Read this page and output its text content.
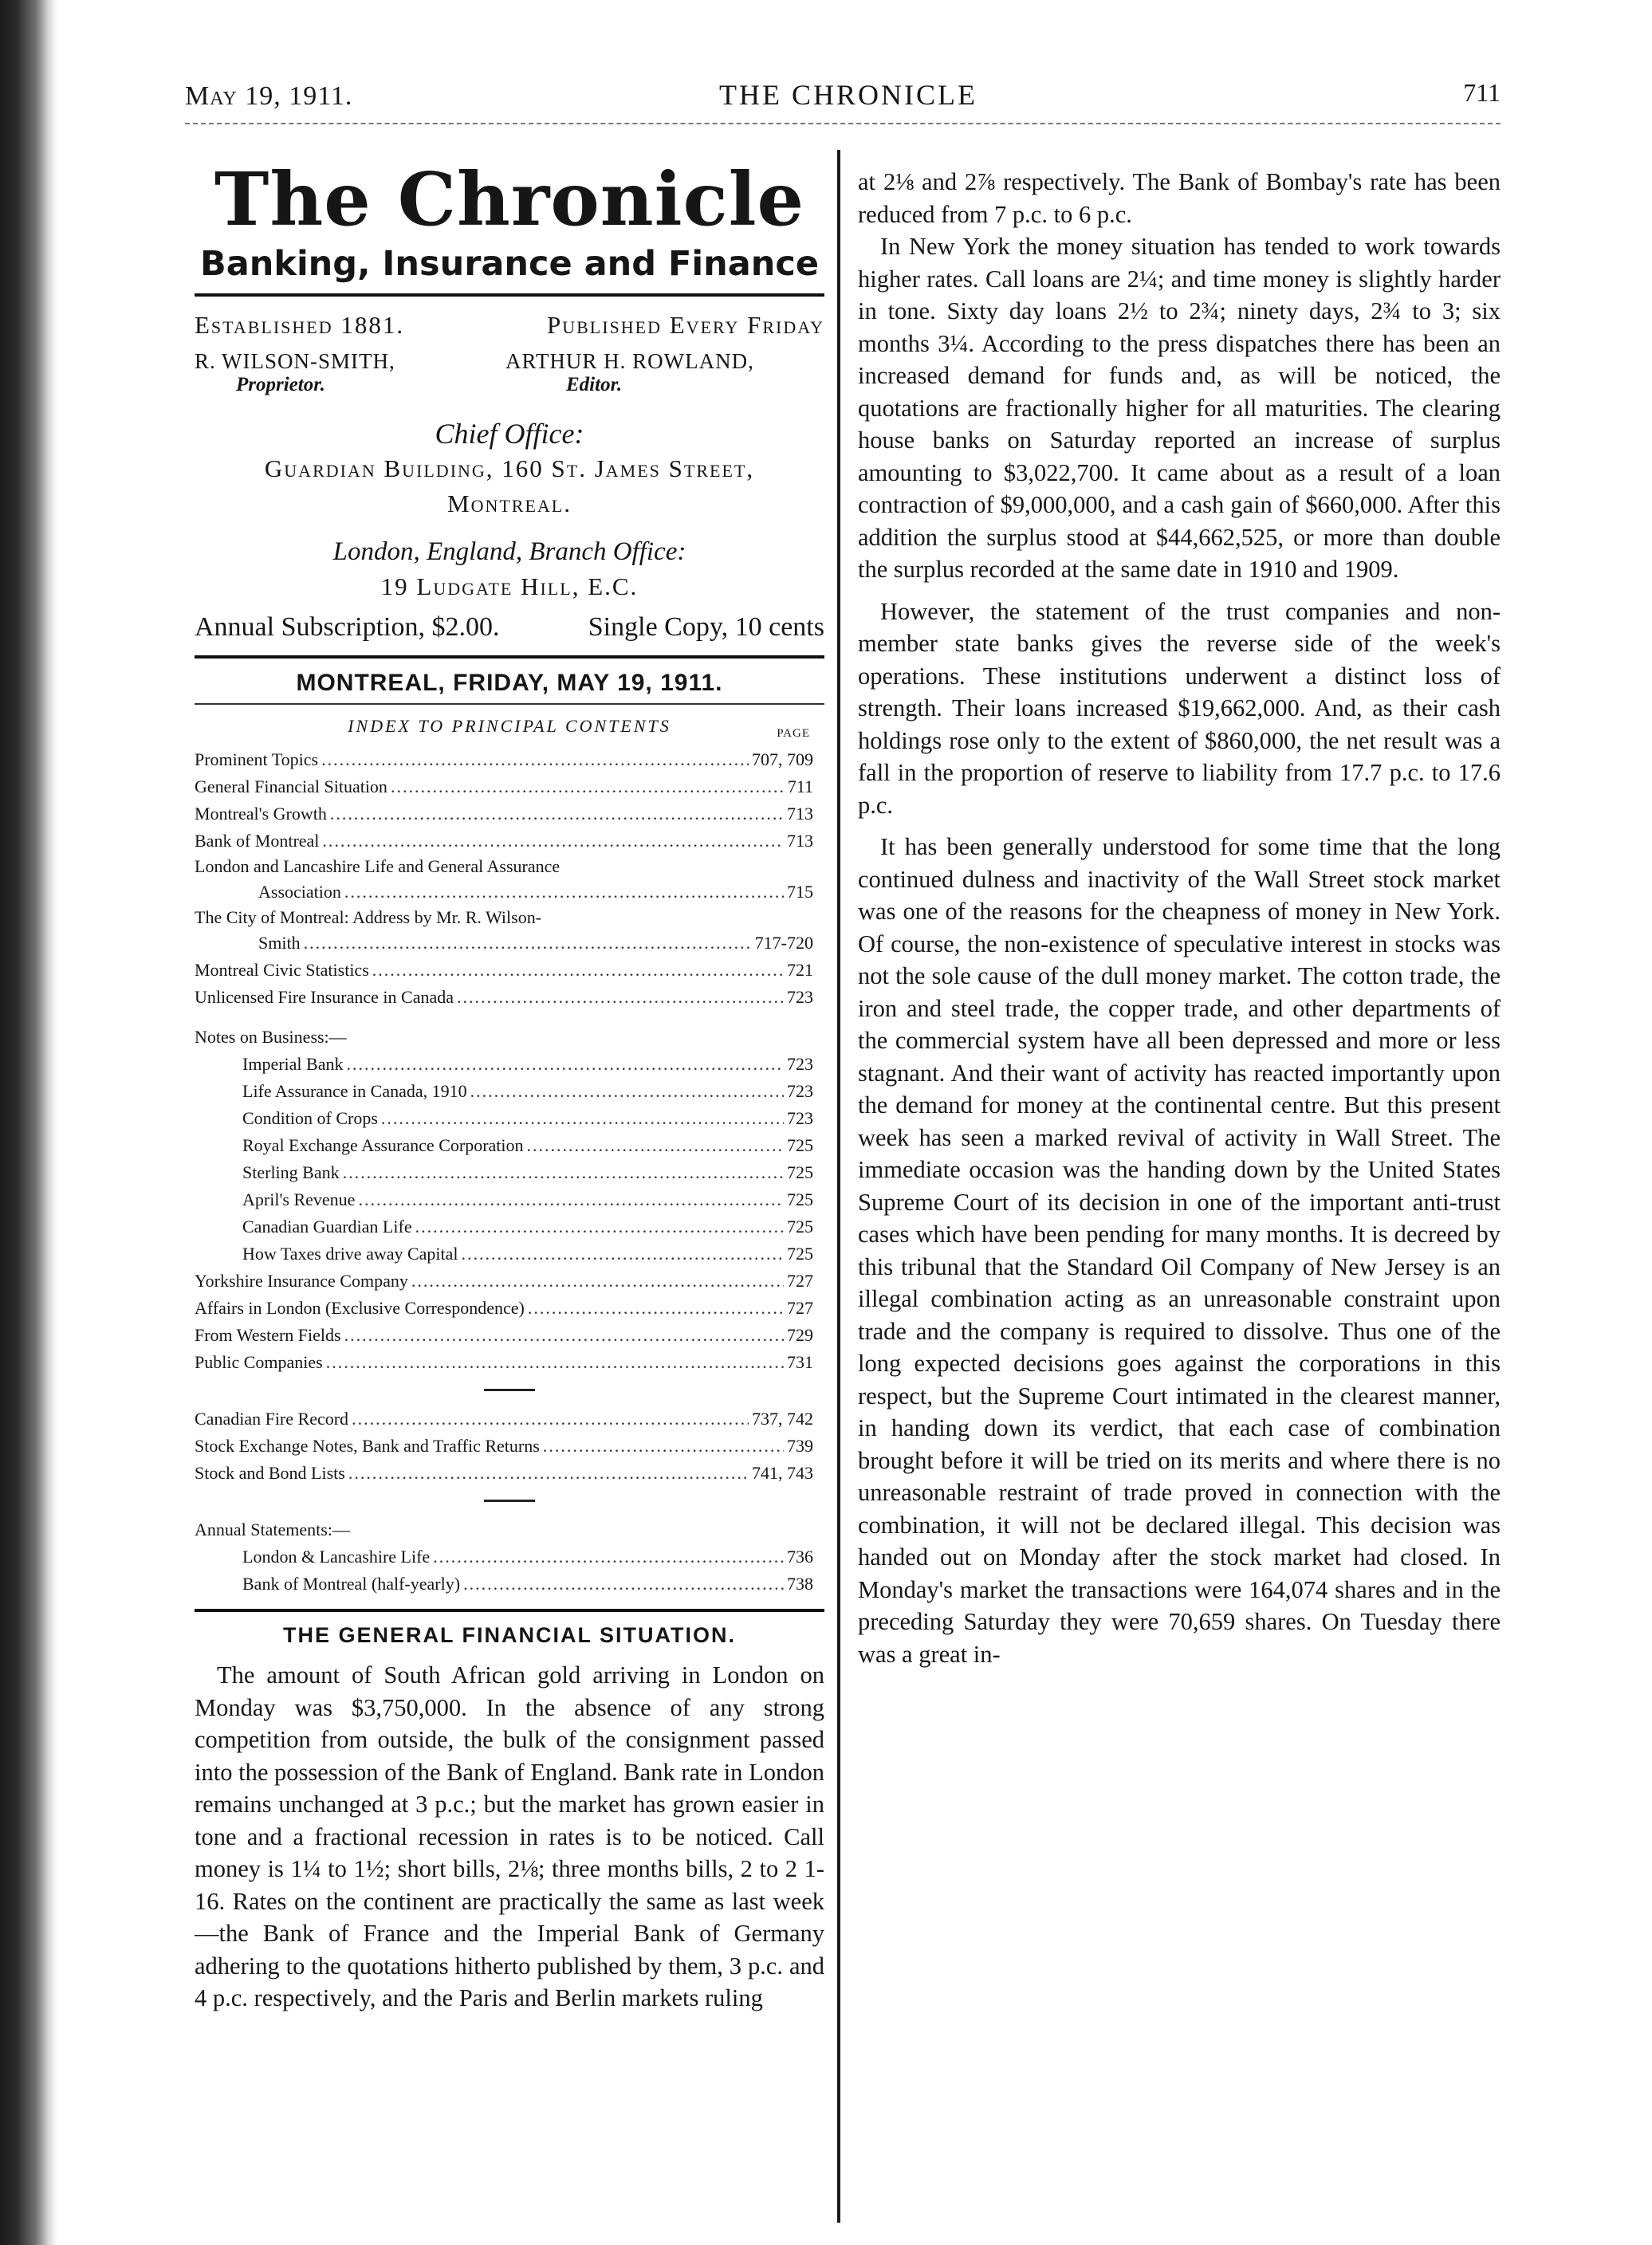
May 19, 1911.	THE CHRONICLE	711
The Chronicle
Banking, Insurance and Finance
Established 1881.	Published Every Friday
R. WILSON-SMITH,
Proprietor.
ARTHUR H. ROWLAND,
Editor.
Chief Office:
Guardian Building, 160 St. James Street,
Montreal.
London, England, Branch Office:
19 Ludgate Hill, E.C.
Annual Subscription, $2.00.	Single Copy, 10 cents
MONTREAL, FRIDAY, MAY 19, 1911.
INDEX TO PRINCIPAL CONTENTS	PAGE
Prominent Topics .....	707, 709
General Financial Situation .....	711
Montreal's Growth .....	713
Bank of Montreal .....	713
London and Lancashire Life and General Assurance
Association .....	715
The City of Montreal: Address by Mr. R. Wilson-
Smith .....	717-720
Montreal Civic Statistics .....	721
Unlicensed Fire Insurance in Canada .....	723
Notes on Business:—
Imperial Bank .....	723
Life Assurance in Canada, 1910 .....	723
Condition of Crops .....	723
Royal Exchange Assurance Corporation .....	725
Sterling Bank .....	725
April's Revenue .....	725
Canadian Guardian Life .....	725
How Taxes drive away Capital .....	725
Yorkshire Insurance Company .....	727
Affairs in London (Exclusive Correspondence) .....	727
From Western Fields .....	729
Public Companies .....	731
Canadian Fire Record .....	737, 742
Stock Exchange Notes, Bank and Traffic Returns .....	739
Stock and Bond Lists .....	741, 743
Annual Statements:—
London & Lancashire Life .....	736
Bank of Montreal (half-yearly) .....	738
THE GENERAL FINANCIAL SITUATION.

The amount of South African gold arriving in London on Monday was $3,750,000. In the absence of any strong competition from outside, the bulk of the consignment passed into the possession of the Bank of England. Bank rate in London remains unchanged at 3 p.c.; but the market has grown easier in tone and a fractional recession in rates is to be noticed. Call money is 1¼ to 1½; short bills, 2⅛; three months bills, 2 to 2 1-16. Rates on the continent are practically the same as last week—the Bank of France and the Imperial Bank of Germany adhering to the quotations hitherto published by them, 3 p.c. and 4 p.c. respectively, and the Paris and Berlin markets ruling

at 2⅛ and 2⅞ respectively. The Bank of Bombay's rate has been reduced from 7 p.c. to 6 p.c.

In New York the money situation has tended to work towards higher rates. Call loans are 2¼; and time money is slightly harder in tone. Sixty day loans 2½ to 2¾; ninety days, 2¾ to 3; six months 3¼. According to the press dispatches there has been an increased demand for funds and, as will be noticed, the quotations are fractionally higher for all maturities. The clearing house banks on Saturday reported an increase of surplus amounting to $3,022,700. It came about as a result of a loan contraction of $9,000,000, and a cash gain of $660,000. After this addition the surplus stood at $44,662,525, or more than double the surplus recorded at the same date in 1910 and 1909.

However, the statement of the trust companies and non-member state banks gives the reverse side of the week's operations. These institutions underwent a distinct loss of strength. Their loans increased $19,662,000. And, as their cash holdings rose only to the extent of $860,000, the net result was a fall in the proportion of reserve to liability from 17.7 p.c. to 17.6 p.c.

It has been generally understood for some time that the long continued dulness and inactivity of the Wall Street stock market was one of the reasons for the cheapness of money in New York. Of course, the non-existence of speculative interest in stocks was not the sole cause of the dull money market. The cotton trade, the iron and steel trade, the copper trade, and other departments of the commercial system have all been depressed and more or less stagnant. And their want of activity has reacted importantly upon the demand for money at the continental centre. But this present week has seen a marked revival of activity in Wall Street. The immediate occasion was the handing down by the United States Supreme Court of its decision in one of the important anti-trust cases which have been pending for many months. It is decreed by this tribunal that the Standard Oil Company of New Jersey is an illegal combination acting as an unreasonable constraint upon trade and the company is required to dissolve. Thus one of the long expected decisions goes against the corporations in this respect, but the Supreme Court intimated in the clearest manner, in handing down its verdict, that each case of combination brought before it will be tried on its merits and where there is no unreasonable restraint of trade proved in connection with the combination, it will not be declared illegal. This decision was handed out on Monday after the stock market had closed. In Monday's market the transactions were 164,074 shares and in the preceding Saturday they were 70,659 shares. On Tuesday there was a great in-
